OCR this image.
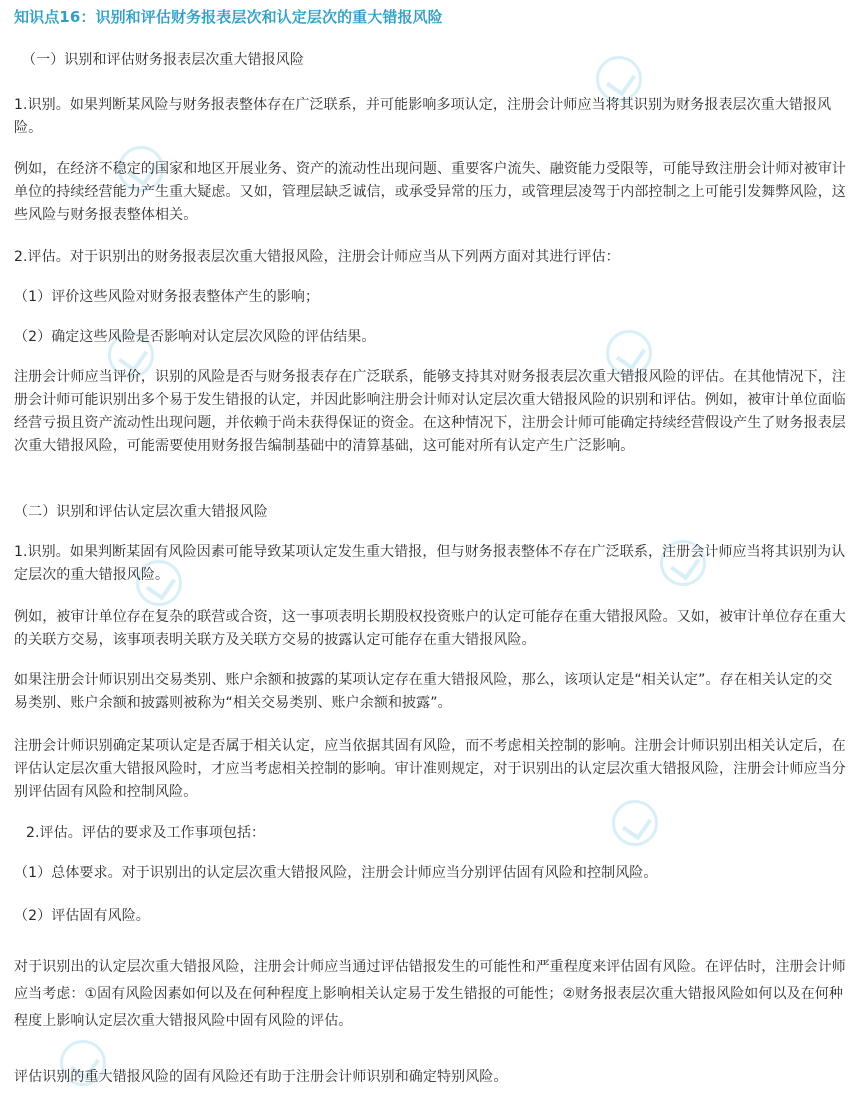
知识点16：识别和评估财务报表层次和认定层次的重大错报风险

（一）识别和评估财务报表层次重大错报风险

1.识别。如果判断某风险与财务报表整体存在广泛联系，并可能影响多项认定，注册会计师应当将其识别为财务报表层次重大错报风险。

例如，在经济不稳定的国家和地区开展业务、资产的流动性出现问题、重要客户流失、融资能力受限等，可能导致注册会计师对被审计单位的持续经营能力产生重大疑虑。又如，管理层缺乏诚信，或承受异常的压力，或管理层凌驾于内部控制之上可能引发舞弊风险，这些风险与财务报表整体相关。

2.评估。对于识别出的财务报表层次重大错报风险，注册会计师应当从下列两方面对其进行评估：

（1）评价这些风险对财务报表整体产生的影响；

（2）确定这些风险是否影响对认定层次风险的评估结果。

注册会计师应当评价，识别的风险是否与财务报表存在广泛联系，能够支持其对财务报表层次重大错报风险的评估。在其他情况下，注册会计师可能识别出多个易于发生错报的认定，并因此影响注册会计师对认定层次重大错报风险的识别和评估。例如，被审计单位面临经营亏损且资产流动性出现问题，并依赖于尚未获得保证的资金。在这种情况下，注册会计师可能确定持续经营假设产生了财务报表层次重大错报风险，可能需要使用财务报告编制基础中的清算基础，这可能对所有认定产生广泛影响。

（二）识别和评估认定层次重大错报风险

1.识别。如果判断某固有风险因素可能导致某项认定发生重大错报，但与财务报表整体不存在广泛联系，注册会计师应当将其识别为认定层次的重大错报风险。

例如，被审计单位存在复杂的联营或合资，这一事项表明长期股权投资账户的认定可能存在重大错报风险。又如，被审计单位存在重大的关联方交易，该事项表明关联方及关联方交易的披露认定可能存在重大错报风险。

如果注册会计师识别出交易类别、账户余额和披露的某项认定存在重大错报风险，那么，该项认定是“相关认定”。存在相关认定的交易类别、账户余额和披露则被称为“相关交易类别、账户余额和披露”。

注册会计师识别确定某项认定是否属于相关认定，应当依据其固有风险，而不考虑相关控制的影响。注册会计师识别出相关认定后，在评估认定层次重大错报风险时，才应当考虑相关控制的影响。审计准则规定，对于识别出的认定层次重大错报风险，注册会计师应当分别评估固有风险和控制风险。

2.评估。评估的要求及工作事项包括：

（1）总体要求。对于识别出的认定层次重大错报风险，注册会计师应当分别评估固有风险和控制风险。

（2）评估固有风险。

对于识别出的认定层次重大错报风险，注册会计师应当通过评估错报发生的可能性和严重程度来评估固有风险。在评估时，注册会计师应当考虑：①固有风险因素如何以及在何种程度上影响相关认定易于发生错报的可能性；②财务报表层次重大错报风险如何以及在何种程度上影响认定层次重大错报风险中固有风险的评估。

评估识别的重大错报风险的固有风险还有助于注册会计师识别和确定特别风险。
